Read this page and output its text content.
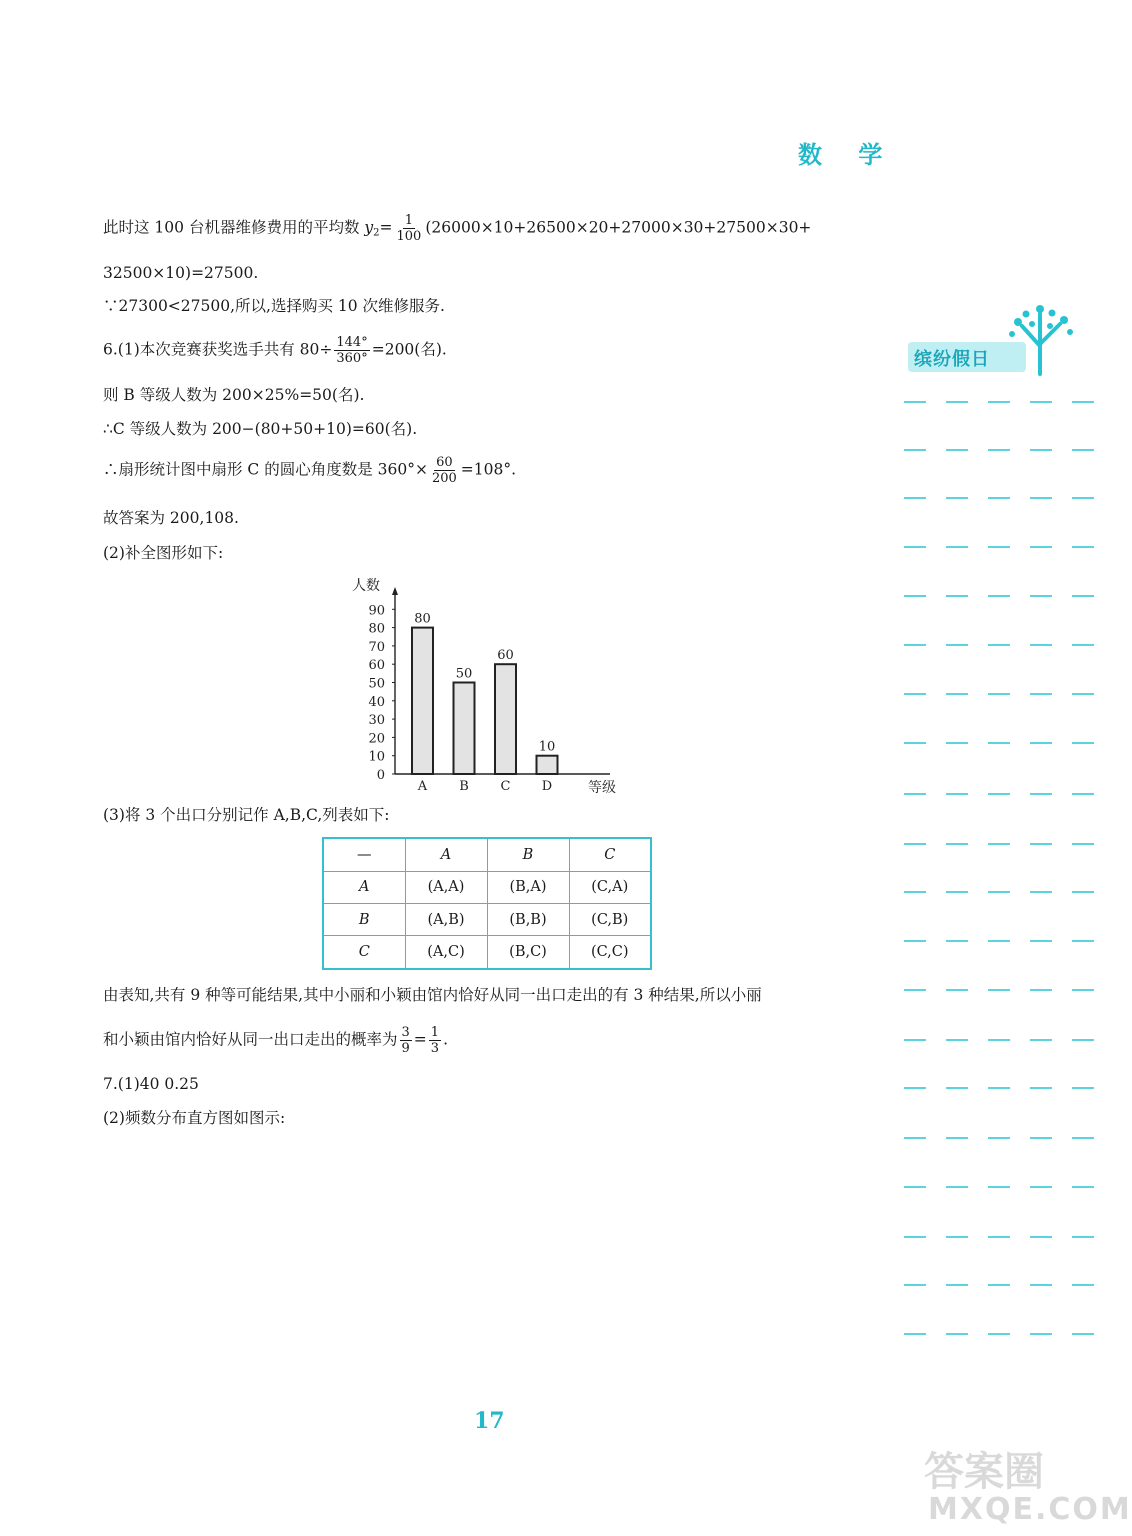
数 学
此时这 100 台机器维修费用的平均数 $y_2= \frac{1}{100} (26000\times 10+26500\times 20+27000\times 30+27500\times 30+$
32500×10)=27500.
∵27300<27500,所以,选择购买 10 次维修服务.
6.(1)本次竞赛获奖选手共有 $80\div \frac{144^\circ}{360^\circ} =200$(名).
则 B 等级人数为 200×25%=50(名).
∴C 等级人数为 200−(80+50+10)=60(名).
∴扇形统计图中扇形 C 的圆心角度数是 $360^\circ\times \frac{60}{200} =108^\circ$.
故答案为 200,108.
(2)补全图形如下:
人数
等级
0
10
20
30
40
50
60
70
80
90
80
A
50
B
60
C
10
D
(3)将 3 个出口分别记作 A,B,C,列表如下:
—	A	B	C
A	(A,A)	(B,A)	(C,A)
B	(A,B)	(B,B)	(C,B)
C	(A,C)	(B,C)	(C,C)
由表知,共有 9 种等可能结果,其中小丽和小颖由馆内恰好从同一出口走出的有 3 种结果,所以小丽
和小颖由馆内恰好从同一出口走出的概率为 $\frac{3}{9} = \frac{1}{3}$ .
7.(1)40 0.25
(2)频数分布直方图如图示:
缤纷假日
17
答案圈
MXQE.COM
